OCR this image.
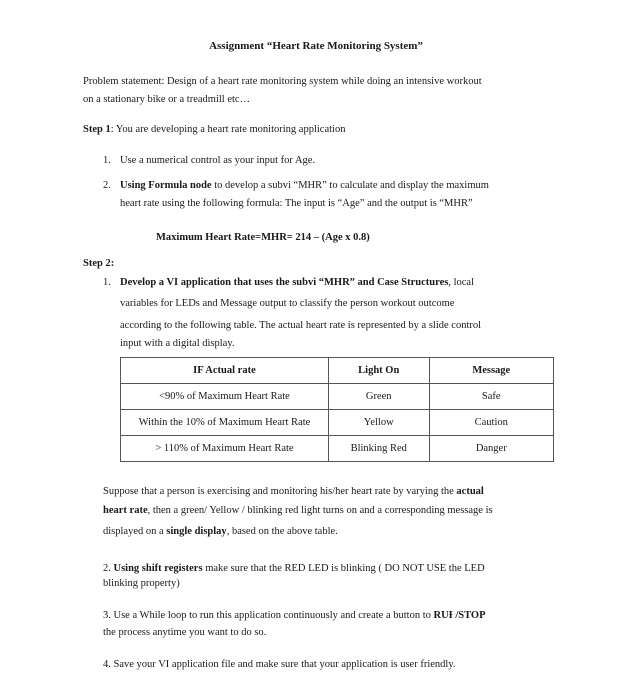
Assignment “Heart Rate Monitoring System”
Problem statement: Design of a heart rate monitoring system while doing an intensive workout
on a stationary bike or a treadmill etc…
Step 1: You are developing a heart rate monitoring application
1. Use a numerical control as your input for Age.
2. Using Formula node to develop a subvi “MHR” to calculate and display the maximum
heart rate using the following formula: The input is “Age” and the output is “MHR”
Maximum Heart Rate=MHR= 214 – (Age x 0.8)
Step 2:
1. Develop a VI application that uses the subvi “MHR” and Case Structures, local
variables for LEDs and Message output to classify the person workout outcome
according to the following table. The actual heart rate is represented by a slide control
input with a digital display.
IF Actual rate	Light On	Message
<90% of Maximum Heart Rate	Green	Safe
Within the 10% of Maximum Heart Rate	Yellow	Caution
> 110% of Maximum Heart Rate	Blinking Red	Danger
Suppose that a person is exercising and monitoring his/her heart rate by varying the actual
heart rate, then a green/ Yellow / blinking red light turns on and a corresponding message is
displayed on a single display, based on the above table.
2. Using shift registers make sure that the RED LED is blinking ( DO NOT USE the LED
blinking property)
3. Use a While loop to run this application continuously and create a button to RUƗ /STOP
the process anytime you want to do so.
4. Save your VI application file and make sure that your application is user friendly.
